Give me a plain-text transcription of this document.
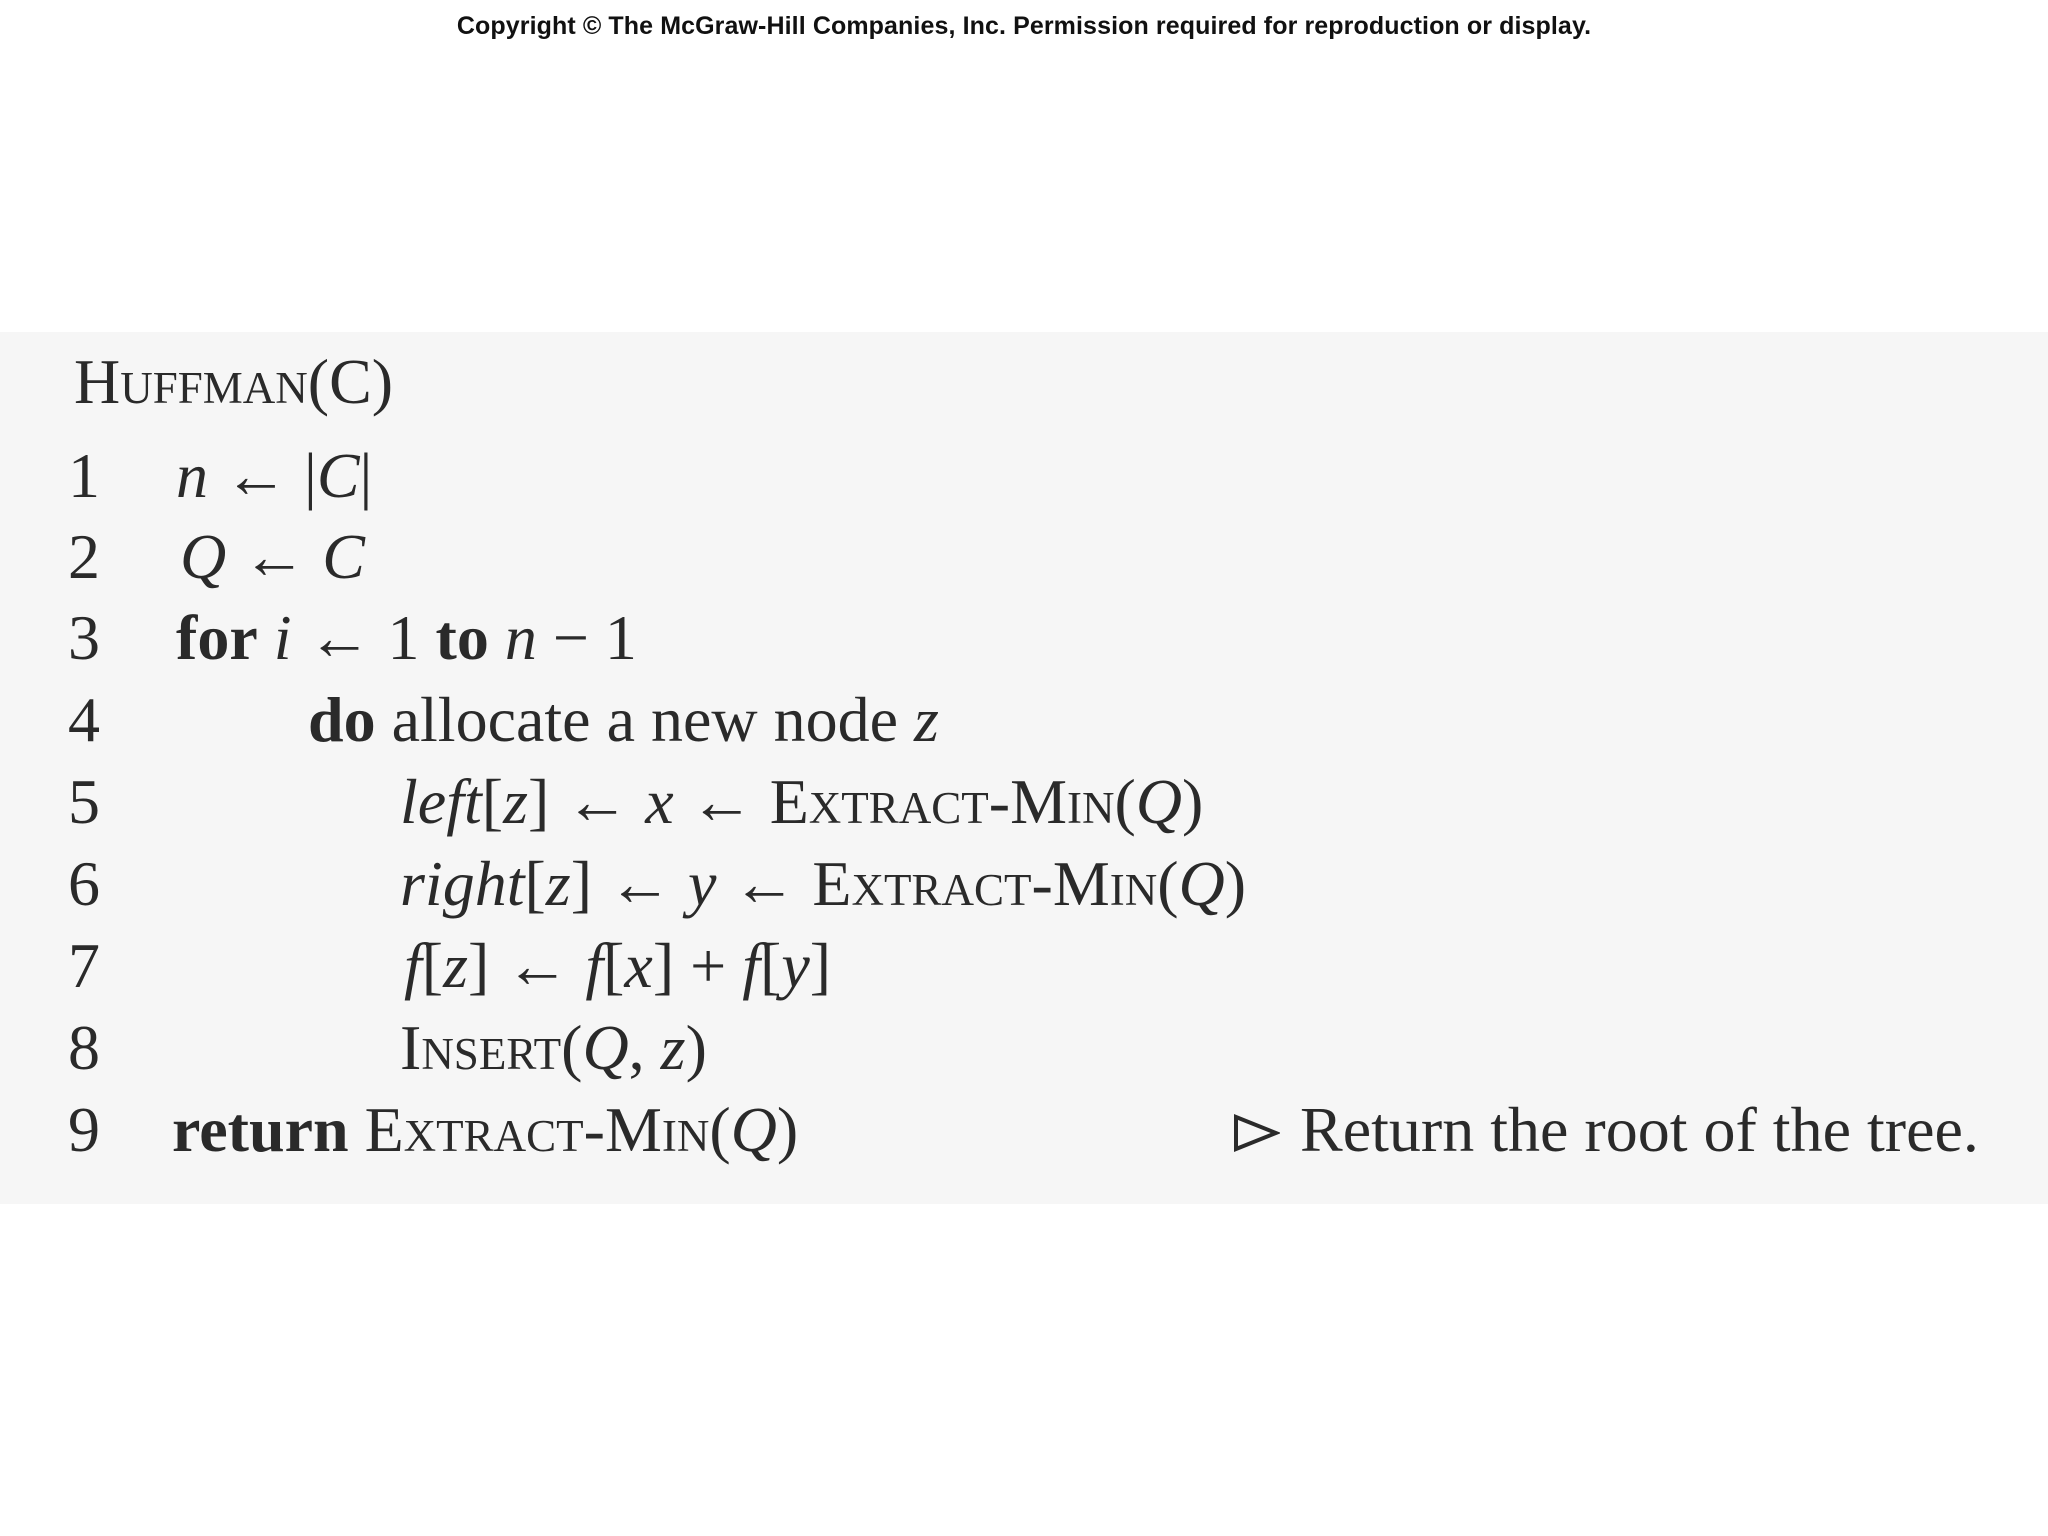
Copyright © The McGraw-Hill Companies, Inc. Permission required for reproduction or display.
Huffman(C)
1 n ← |C|
2 Q ← C
3 for i ← 1 to n − 1
4	do allocate a new node z
5	left[z] ← x ← Extract-Min(Q)
6	right[z] ← y ← Extract-Min(Q)
7	f[z] ← f[x] + f[y]
8	Insert(Q, z)
9 return Extract-Min(Q)	Return the root of the tree.
